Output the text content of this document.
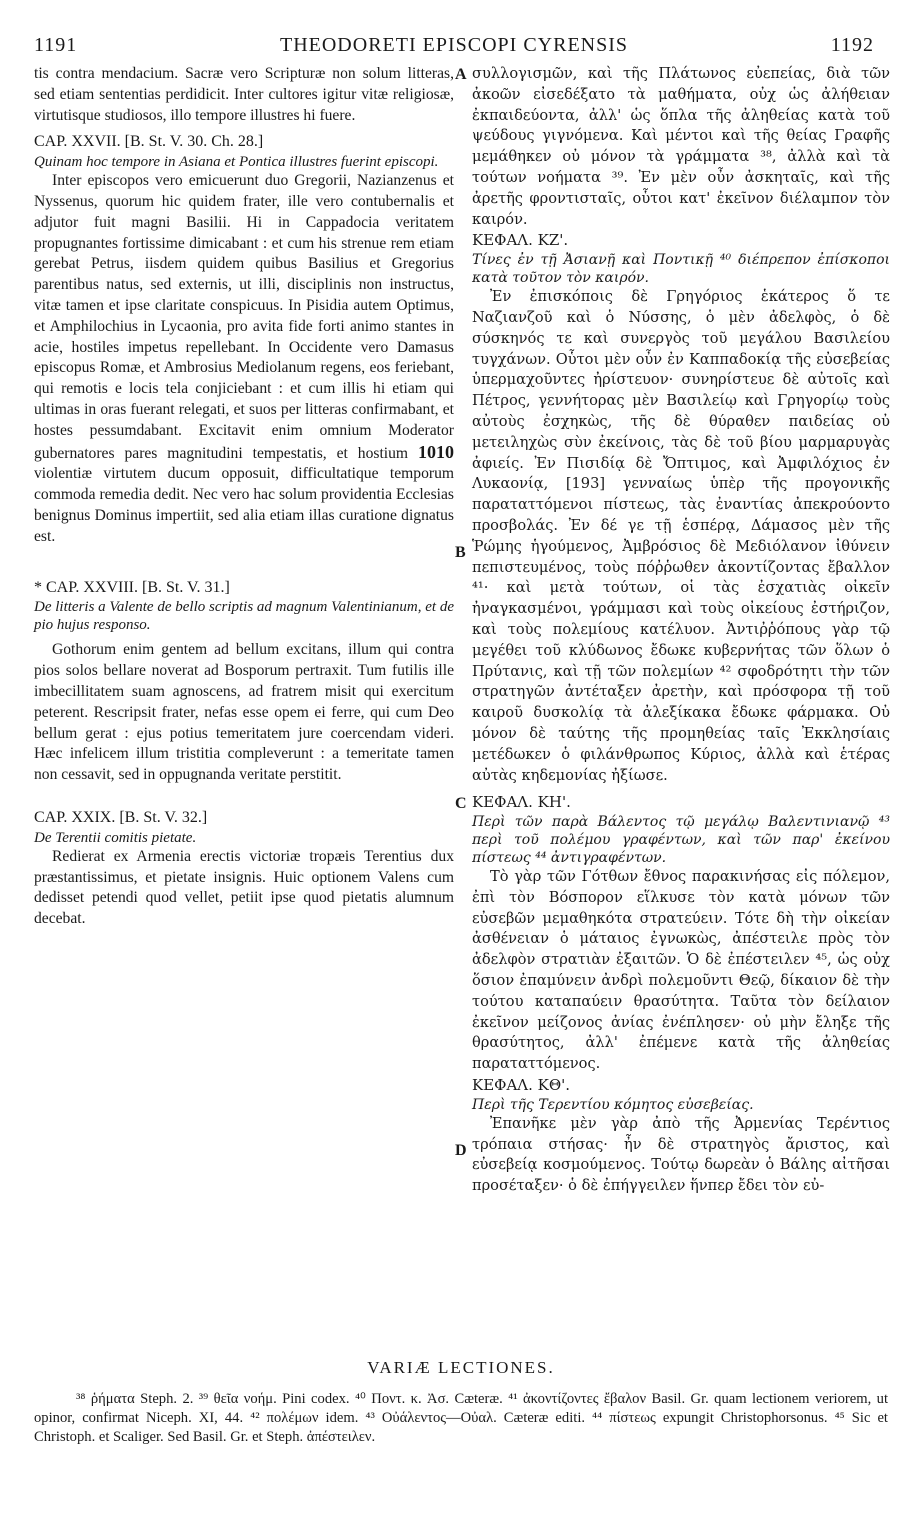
1191	THEODORETI EPISCOPI CYRENSIS	1192
A
B
C
D

tis contra mendacium. Sacræ vero Scripturæ non solum litteras, sed etiam sententias perdidicit. Inter cultores igitur vitæ religiosæ, virtutisque studiosos, illo tempore illustres hi fuere.

CAP. XXVII. [B. St. V. 30. Ch. 28.]

Quinam hoc tempore in Asiana et Pontica illustres fuerint episcopi.

Inter episcopos vero emicuerunt duo Gregorii, Nazianzenus et Nyssenus, quorum hic quidem frater, ille vero contubernalis et adjutor fuit magni Basilii. Hi in Cappadocia veritatem propugnantes fortissime dimicabant : et cum his strenue rem etiam gerebat Petrus, iisdem quidem quibus Basilius et Gregorius parentibus natus, sed externis, ut illi, disciplinis non instructus, vitæ tamen et ipse claritate conspicuus. In Pisidia autem Optimus, et Amphilochius in Lycaonia, pro avita fide forti animo stantes in acie, hostiles impetus repellebant. In Occidente vero Damasus episcopus Romæ, et Ambrosius Mediolanum regens, eos feriebant, qui remotis e locis tela conjiciebant : et cum illis hi etiam qui ultimas in oras fuerant relegati, et suos per litteras confirmabant, et hostes pessumdabant. Excitavit enim omnium Moderator gubernatores pares magnitudini tempestatis, et hostium 1010 violentiæ virtutem ducum opposuit, difficultatique temporum commoda remedia dedit. Nec vero hac solum providentia Ecclesias benignus Dominus impertiit, sed alia etiam illas curatione dignatus est.

* CAP. XXVIII. [B. St. V. 31.]

De litteris a Valente de bello scriptis ad magnum Valentinianum, et de pio hujus responso.

Gothorum enim gentem ad bellum excitans, illum qui contra pios solos bellare noverat ad Bosporum pertraxit. Tum futilis ille imbecillitatem suam agnoscens, ad fratrem misit qui exercitum peterent. Rescripsit frater, nefas esse opem ei ferre, qui cum Deo bellum gerat : ejus potius temeritatem jure coercendam videri. Hæc infelicem illum tristitia compleverunt : a temeritate tamen non cessavit, sed in oppugnanda veritate perstitit.

CAP. XXIX. [B. St. V. 32.]

De Terentii comitis pietate.

Redierat ex Armenia erectis victoriæ tropæis Terentius dux præstantissimus, et pietate insignis. Huic optionem Valens cum dedisset petendi quod vellet, petiit ipse quod pietatis alumnum decebat.

συλλογισμῶν, καὶ τῆς Πλάτωνος εὐεπείας, διὰ τῶν ἀκοῶν εἰσεδέξατο τὰ μαθήματα, οὐχ ὡς ἀλήθειαν ἐκπαιδεύοντα, ἀλλ' ὡς ὅπλα τῆς ἀληθείας κατὰ τοῦ ψεύδους γιγνόμενα. Καὶ μέντοι καὶ τῆς θείας Γραφῆς μεμάθηκεν οὐ μόνον τὰ γράμματα ³⁸, ἀλλὰ καὶ τὰ τούτων νοήματα ³⁹. Ἐν μὲν οὖν ἀσκηταῖς, καὶ τῆς ἀρετῆς φροντισταῖς, οὗτοι κατ' ἐκεῖνον διέλαμπον τὸν καιρόν.

ΚΕΦΑΛ. ΚΖ'.

Τίνες ἐν τῇ Ἀσιανῇ καὶ Ποντικῇ ⁴⁰ διέπρεπον ἐπίσκοποι κατὰ τοῦτον τὸν καιρόν.

Ἐν ἐπισκόποις δὲ Γρηγόριος ἑκάτερος ὅ τε Ναζιανζοῦ καὶ ὁ Νύσσης, ὁ μὲν ἀδελφὸς, ὁ δὲ σύσκηνός τε καὶ συνεργὸς τοῦ μεγάλου Βασιλείου τυγχάνων. Οὗτοι μὲν οὖν ἐν Καππαδοκίᾳ τῆς εὐσεβείας ὑπερμαχοῦντες ἠρίστευον· συνηρίστευε δὲ αὐτοῖς καὶ Πέτρος, γεννήτορας μὲν Βασιλείῳ καὶ Γρηγορίῳ τοὺς αὐτοὺς ἐσχηκὼς, τῆς δὲ θύραθεν παιδείας οὐ μετειληχὼς σὺν ἐκείνοις, τὰς δὲ τοῦ βίου μαρμαρυγὰς ἀφιείς. Ἐν Πισιδίᾳ δὲ Ὄπτιμος, καὶ Ἀμφιλόχιος ἐν Λυκαονίᾳ, [193] γενναίως ὑπὲρ τῆς προγονικῆς παραταττόμενοι πίστεως, τὰς ἐναντίας ἀπεκρούοντο προσβολάς. Ἐν δέ γε τῇ ἑσπέρᾳ, Δάμασος μὲν τῆς Ῥώμης ἡγούμενος, Ἀμβρόσιος δὲ Μεδιόλανον ἰθύνειν πεπιστευμένος, τοὺς πόῤῥωθεν ἀκοντίζοντας ἔβαλλον ⁴¹· καὶ μετὰ τούτων, οἱ τὰς ἐσχατιὰς οἰκεῖν ἠναγκασμένοι, γράμμασι καὶ τοὺς οἰκείους ἐστήριζον, καὶ τοὺς πολεμίους κατέλυον. Ἀντιῤῥόπους γὰρ τῷ μεγέθει τοῦ κλύδωνος ἔδωκε κυβερνήτας τῶν ὅλων ὁ Πρύτανις, καὶ τῇ τῶν πολεμίων ⁴² σφοδρότητι τὴν τῶν στρατηγῶν ἀντέταξεν ἀρετὴν, καὶ πρόσφορα τῇ τοῦ καιροῦ δυσκολίᾳ τὰ ἀλεξίκακα ἔδωκε φάρμακα. Οὐ μόνον δὲ ταύτης τῆς προμηθείας ταῖς Ἐκκλησίαις μετέδωκεν ὁ φιλάνθρωπος Κύριος, ἀλλὰ καὶ ἑτέρας αὐτὰς κηδεμονίας ἠξίωσε.

ΚΕΦΑΛ. ΚΗ'.

Περὶ τῶν παρὰ Βάλεντος τῷ μεγάλῳ Βαλεντινιανῷ ⁴³ περὶ τοῦ πολέμου γραφέντων, καὶ τῶν παρ' ἐκείνου πίστεως ⁴⁴ ἀντιγραφέντων.

Τὸ γὰρ τῶν Γότθων ἔθνος παρακινήσας εἰς πόλεμον, ἐπὶ τὸν Βόσπορον εἵλκυσε τὸν κατὰ μόνων τῶν εὐσεβῶν μεμαθηκότα στρατεύειν. Τότε δὴ τὴν οἰκείαν ἀσθένειαν ὁ μάταιος ἐγνωκὼς, ἀπέστειλε πρὸς τὸν ἀδελφὸν στρατιὰν ἐξαιτῶν. Ὁ δὲ ἐπέστειλεν ⁴⁵, ὡς οὐχ ὅσιον ἐπαμύνειν ἀνδρὶ πολεμοῦντι Θεῷ, δίκαιον δὲ τὴν τούτου καταπαύειν θρασύτητα. Ταῦτα τὸν δείλαιον ἐκεῖνον μείζονος ἀνίας ἐνέπλησεν· οὐ μὴν ἔληξε τῆς θρασύτητος, ἀλλ' ἐπέμενε κατὰ τῆς ἀληθείας παραταττόμενος.

ΚΕΦΑΛ. ΚΘ'.

Περὶ τῆς Τερεντίου κόμητος εὐσεβείας.

Ἐπανῆκε μὲν γὰρ ἀπὸ τῆς Ἀρμενίας Τερέντιος τρόπαια στήσας· ἦν δὲ στρατηγὸς ἄριστος, καὶ εὐσεβείᾳ κοσμούμενος. Τούτῳ δωρεὰν ὁ Βάλης αἰτῆσαι προσέταξεν· ὁ δὲ ἐπήγγειλεν ἥνπερ ἔδει τὸν εὐ-

VARIÆ LECTIONES.

³⁸ ῥήματα Steph. 2. ³⁹ θεῖα νοήμ. Pini codex. ⁴⁰ Ποντ. κ. Ἀσ. Cæteræ. ⁴¹ ἀκοντίζοντες ἔβαλον Basil. Gr. quam lectionem veriorem, ut opinor, confirmat Niceph. XI, 44. ⁴² πολέμων idem. ⁴³ Οὐάλεντος—Οὐαλ. Cæteræ editi. ⁴⁴ πίστεως expungit Christophorsonus. ⁴⁵ Sic et Christoph. et Scaliger. Sed Basil. Gr. et Steph. ἀπέστειλεν.
